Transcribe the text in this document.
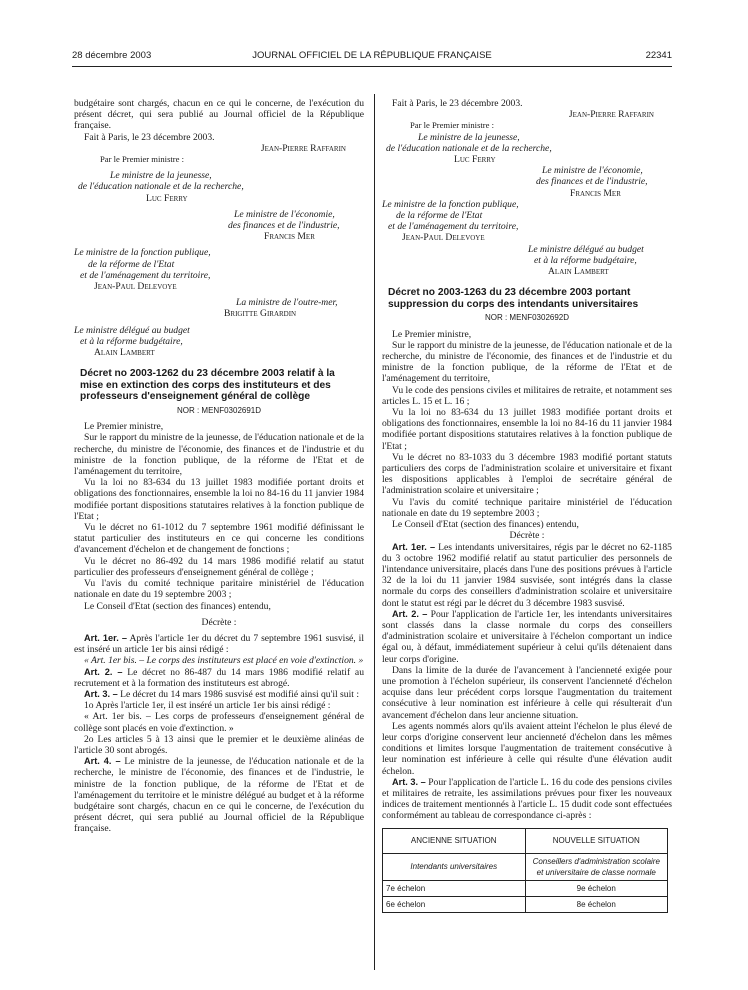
28 décembre 2003	JOURNAL OFFICIEL DE LA RÉPUBLIQUE FRANÇAISE	22341

budgétaire sont chargés, chacun en ce qui le concerne, de l'exécution du présent décret, qui sera publié au Journal officiel de la République française.

Fait à Paris, le 23 décembre 2003.

Jean-Pierre Raffarin
Par le Premier ministre :
Le ministre de la jeunesse,
de l'éducation nationale et de la recherche,
Luc Ferry
Le ministre de l'économie,
des finances et de l'industrie,
Francis Mer
Le ministre de la fonction publique,
de la réforme de l'Etat
et de l'aménagement du territoire,
Jean-Paul Delevoye
La ministre de l'outre-mer,
Brigitte Girardin
Le ministre délégué au budget
et à la réforme budgétaire,
Alain Lambert
Décret no 2003-1262 du 23 décembre 2003 relatif à la mise en extinction des corps des instituteurs et des professeurs d'enseignement général de collège
NOR : MENF0302691D

Le Premier ministre,

Sur le rapport du ministre de la jeunesse, de l'éducation nationale et de la recherche, du ministre de l'économie, des finances et de l'industrie et du ministre de la fonction publique, de la réforme de l'Etat et de l'aménagement du territoire,

Vu la loi no 83-634 du 13 juillet 1983 modifiée portant droits et obligations des fonctionnaires, ensemble la loi no 84-16 du 11 janvier 1984 modifiée portant dispositions statutaires relatives à la fonction publique de l'Etat ;

Vu le décret no 61-1012 du 7 septembre 1961 modifié définissant le statut particulier des instituteurs en ce qui concerne les conditions d'avancement d'échelon et de changement de fonctions ;

Vu le décret no 86-492 du 14 mars 1986 modifié relatif au statut particulier des professeurs d'enseignement général de collège ;

Vu l'avis du comité technique paritaire ministériel de l'éducation nationale en date du 19 septembre 2003 ;

Le Conseil d'Etat (section des finances) entendu,

Décrète :

Art. 1er. – Après l'article 1er du décret du 7 septembre 1961 susvisé, il est inséré un article 1er bis ainsi rédigé :

« Art. 1er bis. – Le corps des instituteurs est placé en voie d'extinction. »

Art. 2. – Le décret no 86-487 du 14 mars 1986 modifié relatif au recrutement et à la formation des instituteurs est abrogé.

Art. 3. – Le décret du 14 mars 1986 susvisé est modifié ainsi qu'il suit :

1o Après l'article 1er, il est inséré un article 1er bis ainsi rédigé :

« Art. 1er bis. – Les corps de professeurs d'enseignement général de collège sont placés en voie d'extinction. »

2o Les articles 5 à 13 ainsi que le premier et le deuxième alinéas de l'article 30 sont abrogés.

Art. 4. – Le ministre de la jeunesse, de l'éducation nationale et de la recherche, le ministre de l'économie, des finances et de l'industrie, le ministre de la fonction publique, de la réforme de l'Etat et de l'aménagement du territoire et le ministre délégué au budget et à la réforme budgétaire sont chargés, chacun en ce qui le concerne, de l'exécution du présent décret, qui sera publié au Journal officiel de la République française.

Fait à Paris, le 23 décembre 2003.

Jean-Pierre Raffarin
Par le Premier ministre :
Le ministre de la jeunesse,
de l'éducation nationale et de la recherche,
Luc Ferry
Le ministre de l'économie,
des finances et de l'industrie,
Francis Mer
Le ministre de la fonction publique,
de la réforme de l'Etat
et de l'aménagement du territoire,
Jean-Paul Delevoye
Le ministre délégué au budget
et à la réforme budgétaire,
Alain Lambert
Décret no 2003-1263 du 23 décembre 2003 portant suppression du corps des intendants universitaires
NOR : MENF0302692D

Le Premier ministre,

Sur le rapport du ministre de la jeunesse, de l'éducation nationale et de la recherche, du ministre de l'économie, des finances et de l'industrie et du ministre de la fonction publique, de la réforme de l'Etat et de l'aménagement du territoire,

Vu le code des pensions civiles et militaires de retraite, et notamment ses articles L. 15 et L. 16 ;

Vu la loi no 83-634 du 13 juillet 1983 modifiée portant droits et obligations des fonctionnaires, ensemble la loi no 84-16 du 11 janvier 1984 modifiée portant dispositions statutaires relatives à la fonction publique de l'Etat ;

Vu le décret no 83-1033 du 3 décembre 1983 modifié portant statuts particuliers des corps de l'administration scolaire et universitaire et fixant les dispositions applicables à l'emploi de secrétaire général de l'administration scolaire et universitaire ;

Vu l'avis du comité technique paritaire ministériel de l'éducation nationale en date du 19 septembre 2003 ;

Le Conseil d'Etat (section des finances) entendu,

Décrète :

Art. 1er. – Les intendants universitaires, régis par le décret no 62-1185 du 3 octobre 1962 modifié relatif au statut particulier des personnels de l'intendance universitaire, placés dans l'une des positions prévues à l'article 32 de la loi du 11 janvier 1984 susvisée, sont intégrés dans la classe normale du corps des conseillers d'administration scolaire et universitaire dont le statut est régi par le décret du 3 décembre 1983 susvisé.

Art. 2. – Pour l'application de l'article 1er, les intendants universitaires sont classés dans la classe normale du corps des conseillers d'administration scolaire et universitaire à l'échelon comportant un indice égal ou, à défaut, immédiatement supérieur à celui qu'ils détenaient dans leur corps d'origine.

Dans la limite de la durée de l'avancement à l'ancienneté exigée pour une promotion à l'échelon supérieur, ils conservent l'ancienneté d'échelon acquise dans leur précédent corps lorsque l'augmentation du traitement consécutive à leur nomination est inférieure à celle qui résulterait d'un avancement d'échelon dans leur ancienne situation.

Les agents nommés alors qu'ils avaient atteint l'échelon le plus élevé de leur corps d'origine conservent leur ancienneté d'échelon dans les mêmes conditions et limites lorsque l'augmentation de traitement consécutive à leur nomination est inférieure à celle qui résulte d'une élévation audit échelon.

Art. 3. – Pour l'application de l'article L. 16 du code des pensions civiles et militaires de retraite, les assimilations prévues pour fixer les nouveaux indices de traitement mentionnés à l'article L. 15 dudit code sont effectuées conformément au tableau de correspondance ci-après :

ANCIENNE SITUATION	NOUVELLE SITUATION
Intendants universitaires	Conseillers d'administration scolaire et universitaire de classe normale
7e échelon	9e échelon
6e échelon	8e échelon
